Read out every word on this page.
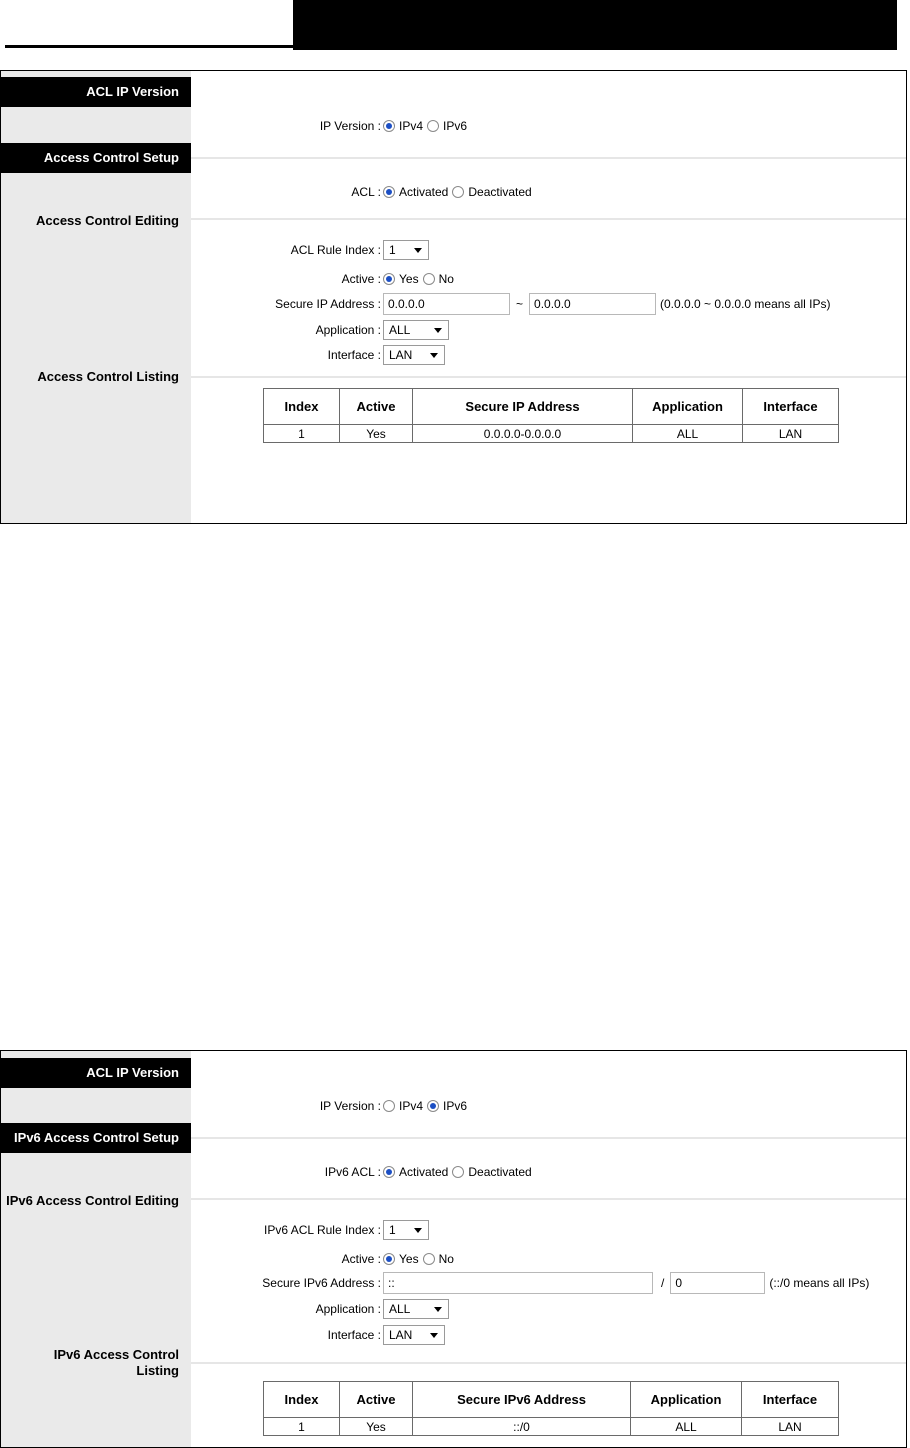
ACL IP Version
Access Control Setup
Access Control Editing
Access Control Listing
IP Version : IPv4 IPv6
ACL : Activated Deactivated
ACL Rule Index : 1
Active : Yes No
Secure IP Address : 0.0.0.0	~ 0.0.0.0	(0.0.0.0 ~ 0.0.0.0 means all IPs)
Application : ALL
Interface : LAN
Index	Active	Secure IP Address	Application	Interface
1	Yes	0.0.0.0-0.0.0.0	ALL	LAN
ACL IP Version
IPv6 Access Control Setup
IPv6 Access Control Editing
IPv6 Access Control
Listing
IP Version : IPv4 IPv6
IPv6 ACL : Activated Deactivated
IPv6 ACL Rule Index : 1
Active : Yes No
Secure IPv6 Address : ::	/ 0	(::/0 means all IPs)
Application : ALL
Interface : LAN
Index	Active	Secure IPv6 Address	Application	Interface
1	Yes	::/0	ALL	LAN
